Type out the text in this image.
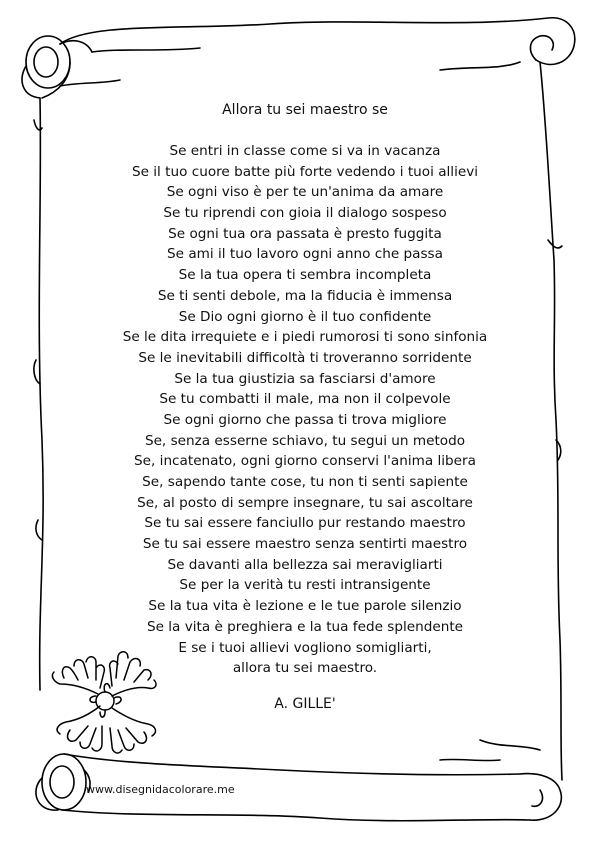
Allora tu sei maestro se
Se entri in classe come si va in vacanza
Se il tuo cuore batte più forte vedendo i tuoi allievi
Se ogni viso è per te un'anima da amare
Se tu riprendi con gioia il dialogo sospeso
Se ogni tua ora passata è presto fuggita
Se ami il tuo lavoro ogni anno che passa
Se la tua opera ti sembra incompleta
Se ti senti debole, ma la fiducia è immensa
Se Dio ogni giorno è il tuo confidente
Se le dita irrequiete e i piedi rumorosi ti sono sinfonia
Se le inevitabili difficoltà ti troveranno sorridente
Se la tua giustizia sa fasciarsi d'amore
Se tu combatti il male, ma non il colpevole
Se ogni giorno che passa ti trova migliore
Se, senza esserne schiavo, tu segui un metodo
Se, incatenato, ogni giorno conservi l'anima libera
Se, sapendo tante cose, tu non ti senti sapiente
Se, al posto di sempre insegnare, tu sai ascoltare
Se tu sai essere fanciullo pur restando maestro
Se tu sai essere maestro senza sentirti maestro
Se davanti alla bellezza sai meravigliarti
Se per la verità tu resti intransigente
Se la tua vita è lezione e le tue parole silenzio
Se la vita è preghiera e la tua fede splendente
E se i tuoi allievi vogliono somigliarti,
allora tu sei maestro.
A. GILLE'
www.disegnidacolorare.me
